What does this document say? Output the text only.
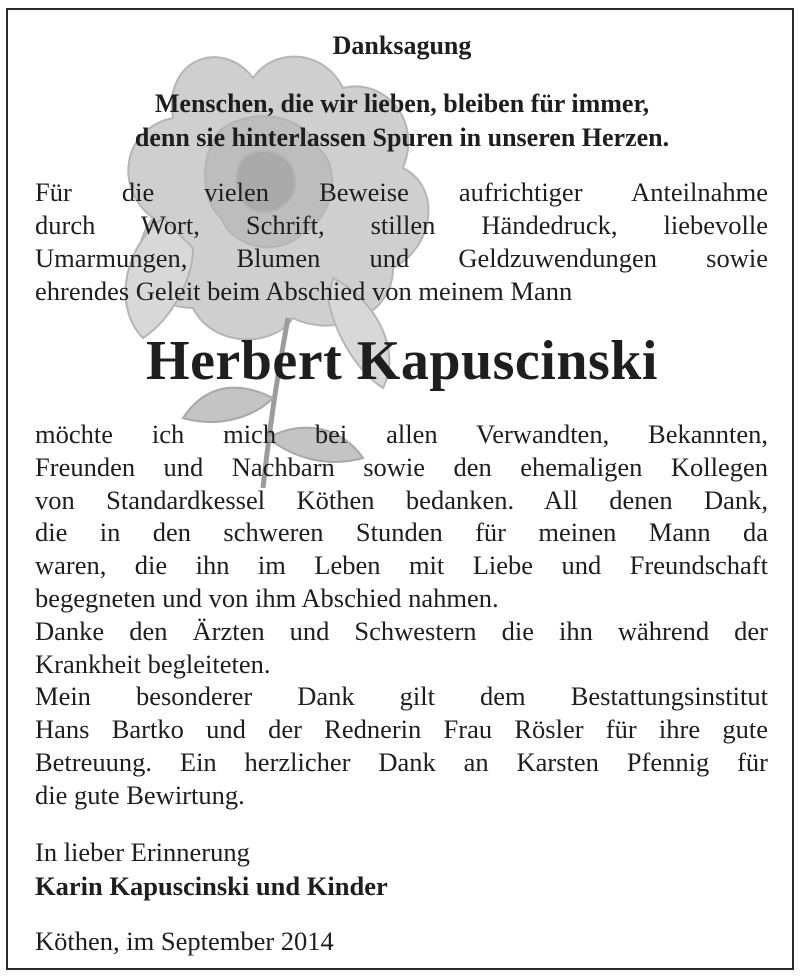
Danksagung
Menschen, die wir lieben, bleiben für immer,
denn sie hinterlassen Spuren in unseren Herzen.
Für die vielen Beweise aufrichtiger Anteilnahme
durch Wort, Schrift, stillen Händedruck, liebevolle
Umarmungen, Blumen und Geldzuwendungen sowie
ehrendes Geleit beim Abschied von meinem Mann
Herbert Kapuscinski
möchte ich mich bei allen Verwandten, Bekannten,
Freunden und Nachbarn sowie den ehemaligen Kollegen
von Standardkessel Köthen bedanken. All denen Dank,
die in den schweren Stunden für meinen Mann da
waren, die ihn im Leben mit Liebe und Freundschaft
begegneten und von ihm Abschied nahmen.
Danke den Ärzten und Schwestern die ihn während der
Krankheit begleiteten.
Mein besonderer Dank gilt dem Bestattungsinstitut
Hans Bartko und der Rednerin Frau Rösler für ihre gute
Betreuung. Ein herzlicher Dank an Karsten Pfennig für
die gute Bewirtung.
In lieber Erinnerung
Karin Kapuscinski und Kinder
Köthen, im September 2014
